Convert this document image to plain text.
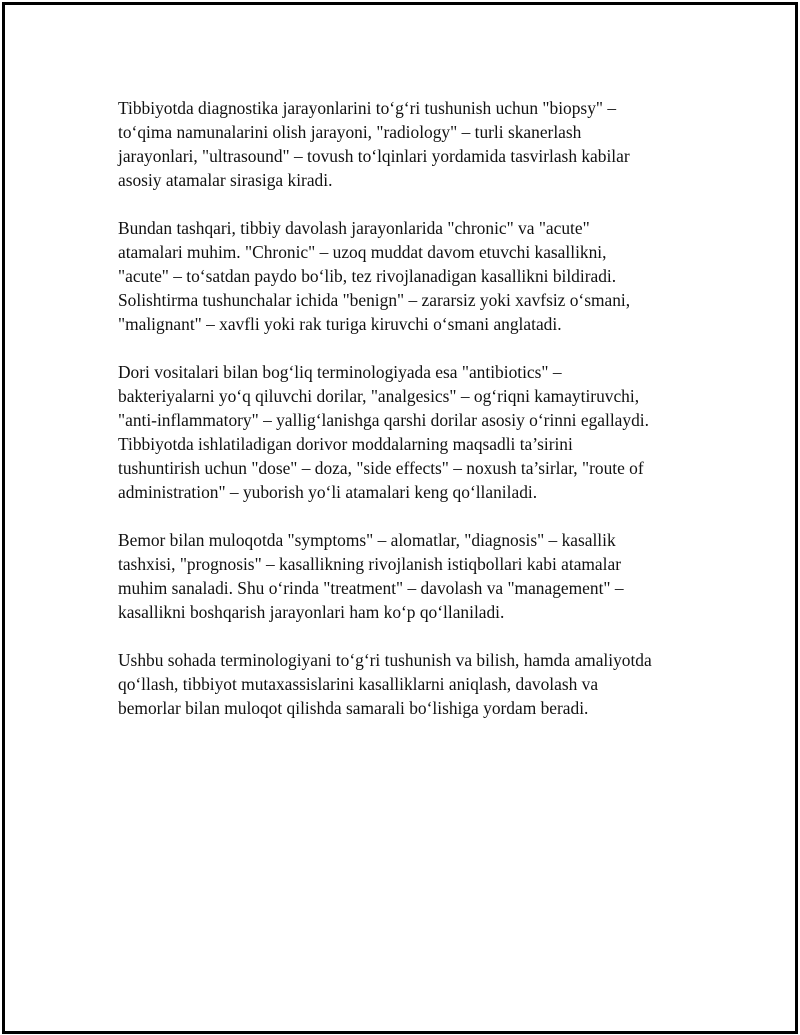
Tibbiyotda diagnostika jarayonlarini to‘g‘ri tushunish uchun "biopsy" –
to‘qima namunalarini olish jarayoni, "radiology" – turli skanerlash
jarayonlari, "ultrasound" – tovush to‘lqinlari yordamida tasvirlash kabilar
asosiy atamalar sirasiga kiradi.

Bundan tashqari, tibbiy davolash jarayonlarida "chronic" va "acute"
atamalari muhim. "Chronic" – uzoq muddat davom etuvchi kasallikni,
"acute" – to‘satdan paydo bo‘lib, tez rivojlanadigan kasallikni bildiradi.
Solishtirma tushunchalar ichida "benign" – zararsiz yoki xavfsiz o‘smani,
"malignant" – xavfli yoki rak turiga kiruvchi o‘smani anglatadi.

Dori vositalari bilan bog‘liq terminologiyada esa "antibiotics" –
bakteriyalarni yo‘q qiluvchi dorilar, "analgesics" – og‘riqni kamaytiruvchi,
"anti-inflammatory" – yallig‘lanishga qarshi dorilar asosiy o‘rinni egallaydi.
Tibbiyotda ishlatiladigan dorivor moddalarning maqsadli ta’sirini
tushuntirish uchun "dose" – doza, "side effects" – noxush ta’sirlar, "route of
administration" – yuborish yo‘li atamalari keng qo‘llaniladi.

Bemor bilan muloqotda "symptoms" – alomatlar, "diagnosis" – kasallik
tashxisi, "prognosis" – kasallikning rivojlanish istiqbollari kabi atamalar
muhim sanaladi. Shu o‘rinda "treatment" – davolash va "management" –
kasallikni boshqarish jarayonlari ham ko‘p qo‘llaniladi.

Ushbu sohada terminologiyani to‘g‘ri tushunish va bilish, hamda amaliyotda
qo‘llash, tibbiyot mutaxassislarini kasalliklarni aniqlash, davolash va
bemorlar bilan muloqot qilishda samarali bo‘lishiga yordam beradi.
